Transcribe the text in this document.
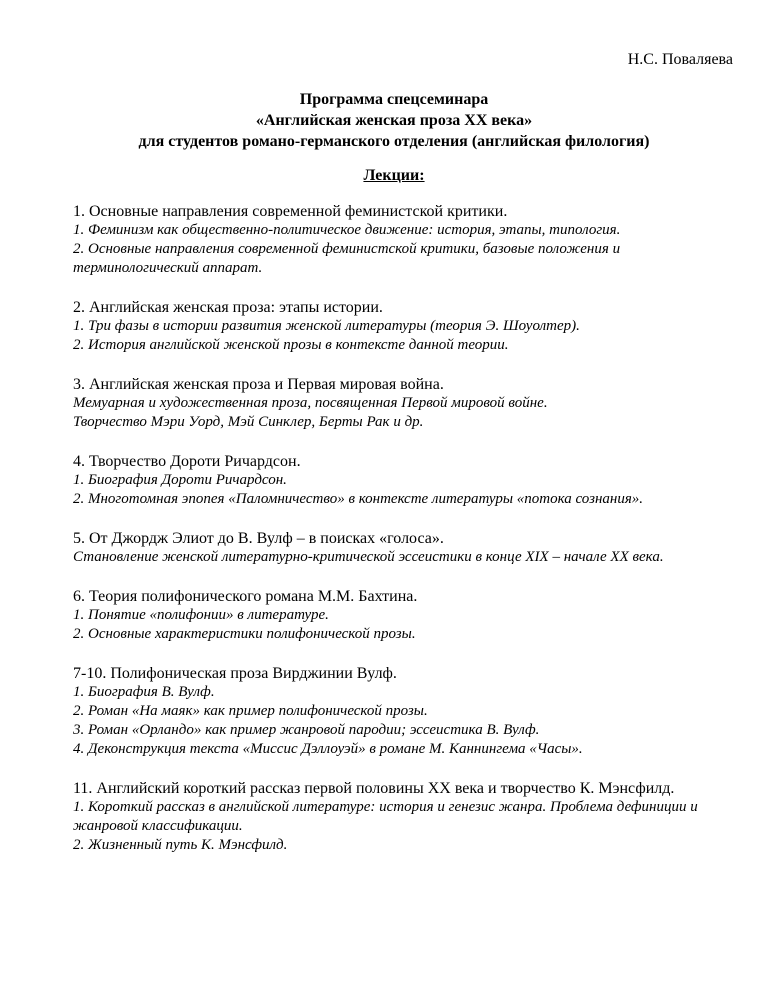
Н.С. Поваляева
Программа спецсеминара
«Английская женская проза XX века»
для студентов романо-германского отделения (английская филология)
Лекции:
1. Основные направления современной феминистской критики.
1. Феминизм как общественно-политическое движение: история, этапы, типология.
2. Основные направления современной феминистской критики, базовые положения и терминологический аппарат.
2. Английская женская проза: этапы истории.
1. Три фазы в истории развития женской литературы (теория Э. Шоуолтер).
2. История английской женской прозы в контексте данной теории.
3. Английская женская проза и Первая мировая война.
Мемуарная и художественная проза, посвященная Первой мировой войне.
Творчество Мэри Уорд, Мэй Синклер, Берты Рак и др.
4. Творчество Дороти Ричардсон.
1. Биография Дороти Ричардсон.
2. Многотомная эпопея «Паломничество» в контексте литературы «потока сознания».
5. От Джордж Элиот до В. Вулф – в поисках «голоса».
Становление женской литературно-критической эссеистики в конце XIX – начале XX века.
6. Теория полифонического романа М.М. Бахтина.
1. Понятие «полифонии» в литературе.
2. Основные характеристики полифонической прозы.
7-10. Полифоническая проза Вирджинии Вулф.
1. Биография В. Вулф.
2. Роман «На маяк» как пример полифонической прозы.
3. Роман «Орландо» как пример жанровой пародии; эссеистика В. Вулф.
4. Деконструкция текста «Миссис Дэллоуэй» в романе М. Каннингема «Часы».
11. Английский короткий рассказ первой половины XX века и творчество К. Мэнсфилд.
1. Короткий рассказ в английской литературе: история и генезис жанра. Проблема дефиниции и жанровой классификации.
2. Жизненный путь К. Мэнсфилд.
